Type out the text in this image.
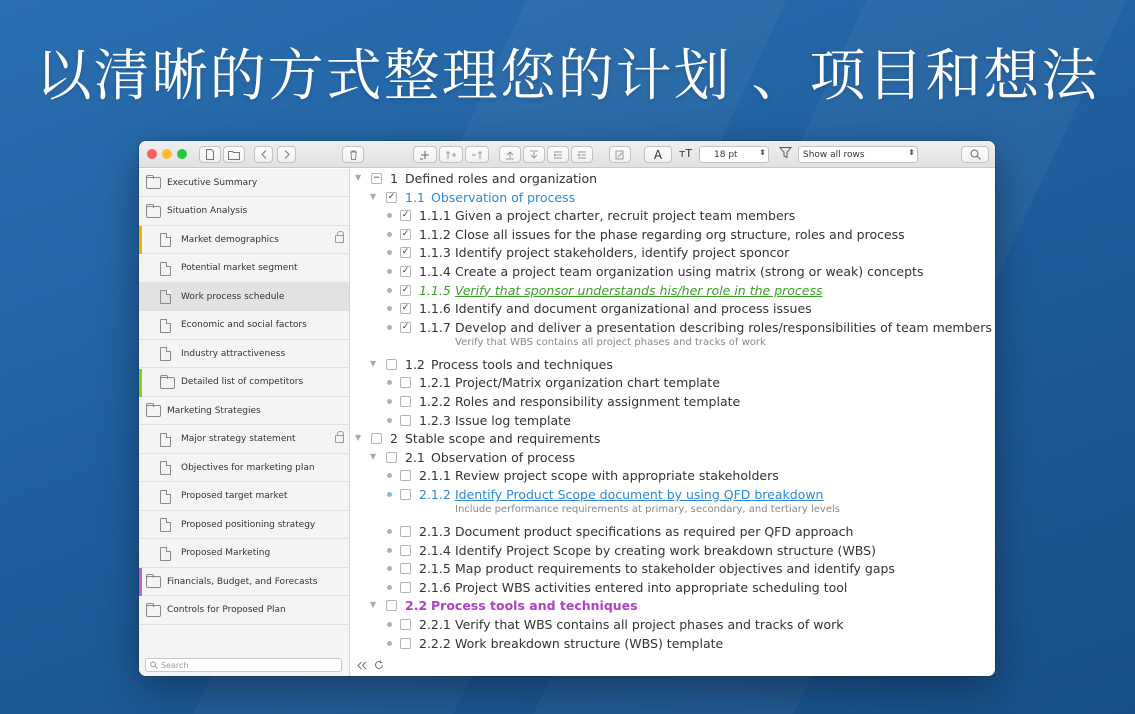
以清晰的方式整理您的计划 、项目和想法
A	тT 18 pt	⬍	Show all rows	⬍
Executive Summary
Situation Analysis
Market demographics
Potential market segment
Work process schedule
Economic and social factors
Industry attractiveness
Detailed list of competitors
Marketing Strategies
Major strategy statement
Objectives for marketing plan
Proposed target market
Proposed positioning strategy
Proposed Marketing
Financials, Budget, and Forecasts
Controls for Proposed Plan
Search
▼ − 1 Defined roles and organization
▼ ✓ 1.1 Observation of process
✓ 1.1.1 Given a project charter, recruit project team members
✓ 1.1.2 Close all issues for the phase regarding org structure, roles and process
✓ 1.1.3 Identify project stakeholders, identify project sponcor
✓ 1.1.4 Create a project team organization using matrix (strong or weak) concepts
✓ 1.1.5 Verify that sponsor understands his/her role in the process
✓ 1.1.6 Identify and document organizational and process issues
✓ 1.1.7 Develop and deliver a presentation describing roles/responsibilities of team members
Verify that WBS contains all project phases and tracks of work
▼ 1.2 Process tools and techniques
1.2.1 Project/Matrix organization chart template
1.2.2 Roles and responsibility assignment template
1.2.3 Issue log template
▼ 2 Stable scope and requirements
▼ 2.1 Observation of process
2.1.1 Review project scope with appropriate stakeholders
2.1.2 Identify Product Scope document by using QFD breakdown
Include performance requirements at primary, secondary, and tertiary levels
2.1.3 Document product specifications as required per QFD approach
2.1.4 Identify Project Scope by creating work breakdown structure (WBS)
2.1.5 Map product requirements to stakeholder objectives and identify gaps
2.1.6 Project WBS activities entered into appropriate scheduling tool
▼ 2.2 Process tools and techniques
2.2.1 Verify that WBS contains all project phases and tracks of work
2.2.2 Work breakdown structure (WBS) template
